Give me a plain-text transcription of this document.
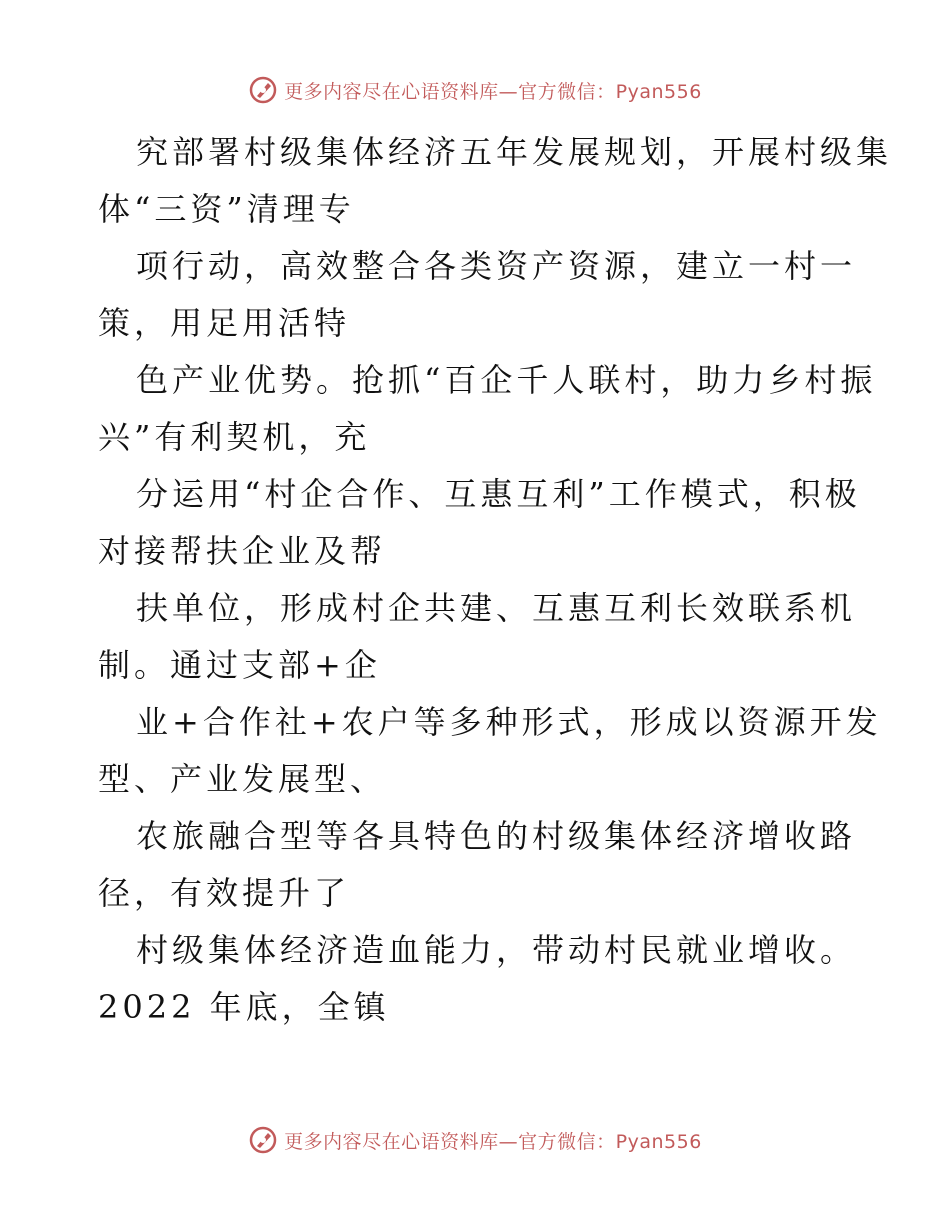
更多内容尽在心语资料库—官方微信：Pyan556
究部署村级集体经济五年发展规划，开展村级集
体“三资”清理专
项行动，高效整合各类资产资源，建立一村一
策，用足用活特
色产业优势。抢抓“百企千人联村，助力乡村振
兴”有利契机，充
分运用“村企合作、互惠互利”工作模式，积极
对接帮扶企业及帮
扶单位，形成村企共建、互惠互利长效联系机
制。通过支部+企
业+合作社+农户等多种形式，形成以资源开发
型、产业发展型、
农旅融合型等各具特色的村级集体经济增收路
径，有效提升了
村级集体经济造血能力，带动村民就业增收。
2022 年底，全镇
更多内容尽在心语资料库—官方微信：Pyan556
